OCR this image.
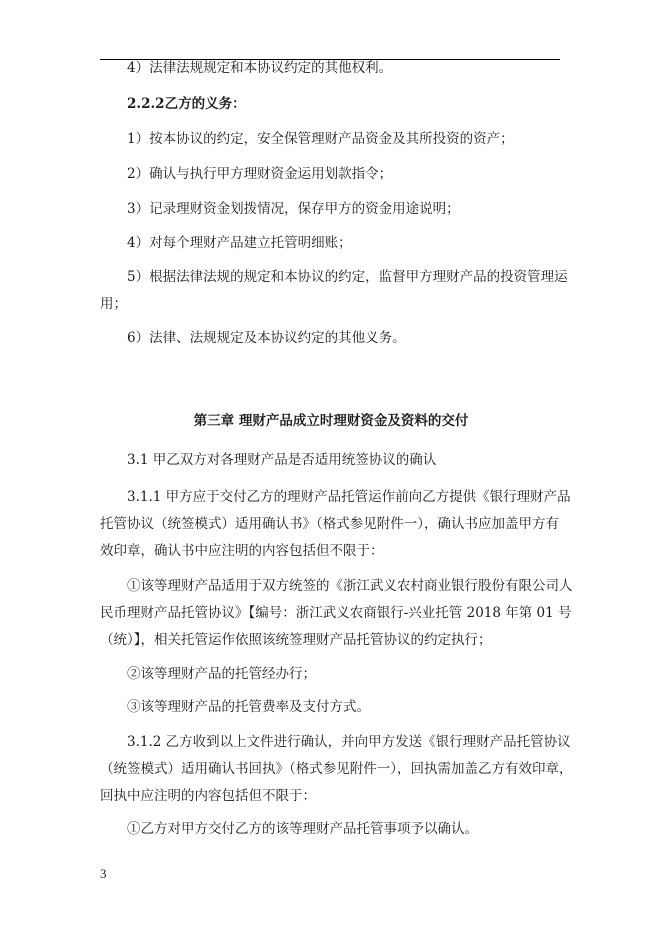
4）法律法规规定和本协议约定的其他权利。
2.2.2乙方的义务：
1）按本协议的约定，安全保管理财产品资金及其所投资的资产；
2）确认与执行甲方理财资金运用划款指令；
3）记录理财资金划拨情况，保存甲方的资金用途说明；
4）对每个理财产品建立托管明细账；
5）根据法律法规的规定和本协议的约定，监督甲方理财产品的投资管理运
用；
6）法律、法规规定及本协议约定的其他义务。
第三章 理财产品成立时理财资金及资料的交付
3.1 甲乙双方对各理财产品是否适用统签协议的确认
3.1.1 甲方应于交付乙方的理财产品托管运作前向乙方提供《银行理财产品
托管协议（统签模式）适用确认书》（格式参见附件一），确认书应加盖甲方有
效印章，确认书中应注明的内容包括但不限于：
①该等理财产品适用于双方统签的《浙江武义农村商业银行股份有限公司人
民币理财产品托管协议》【编号：浙江武义农商银行-兴业托管 2018 年第 01 号
（统）】，相关托管运作依照该统签理财产品托管协议的约定执行；
②该等理财产品的托管经办行；
③该等理财产品的托管费率及支付方式。
3.1.2 乙方收到以上文件进行确认，并向甲方发送《银行理财产品托管协议
（统签模式）适用确认书回执》（格式参见附件一），回执需加盖乙方有效印章，
回执中应注明的内容包括但不限于：
①乙方对甲方交付乙方的该等理财产品托管事项予以确认。
3
